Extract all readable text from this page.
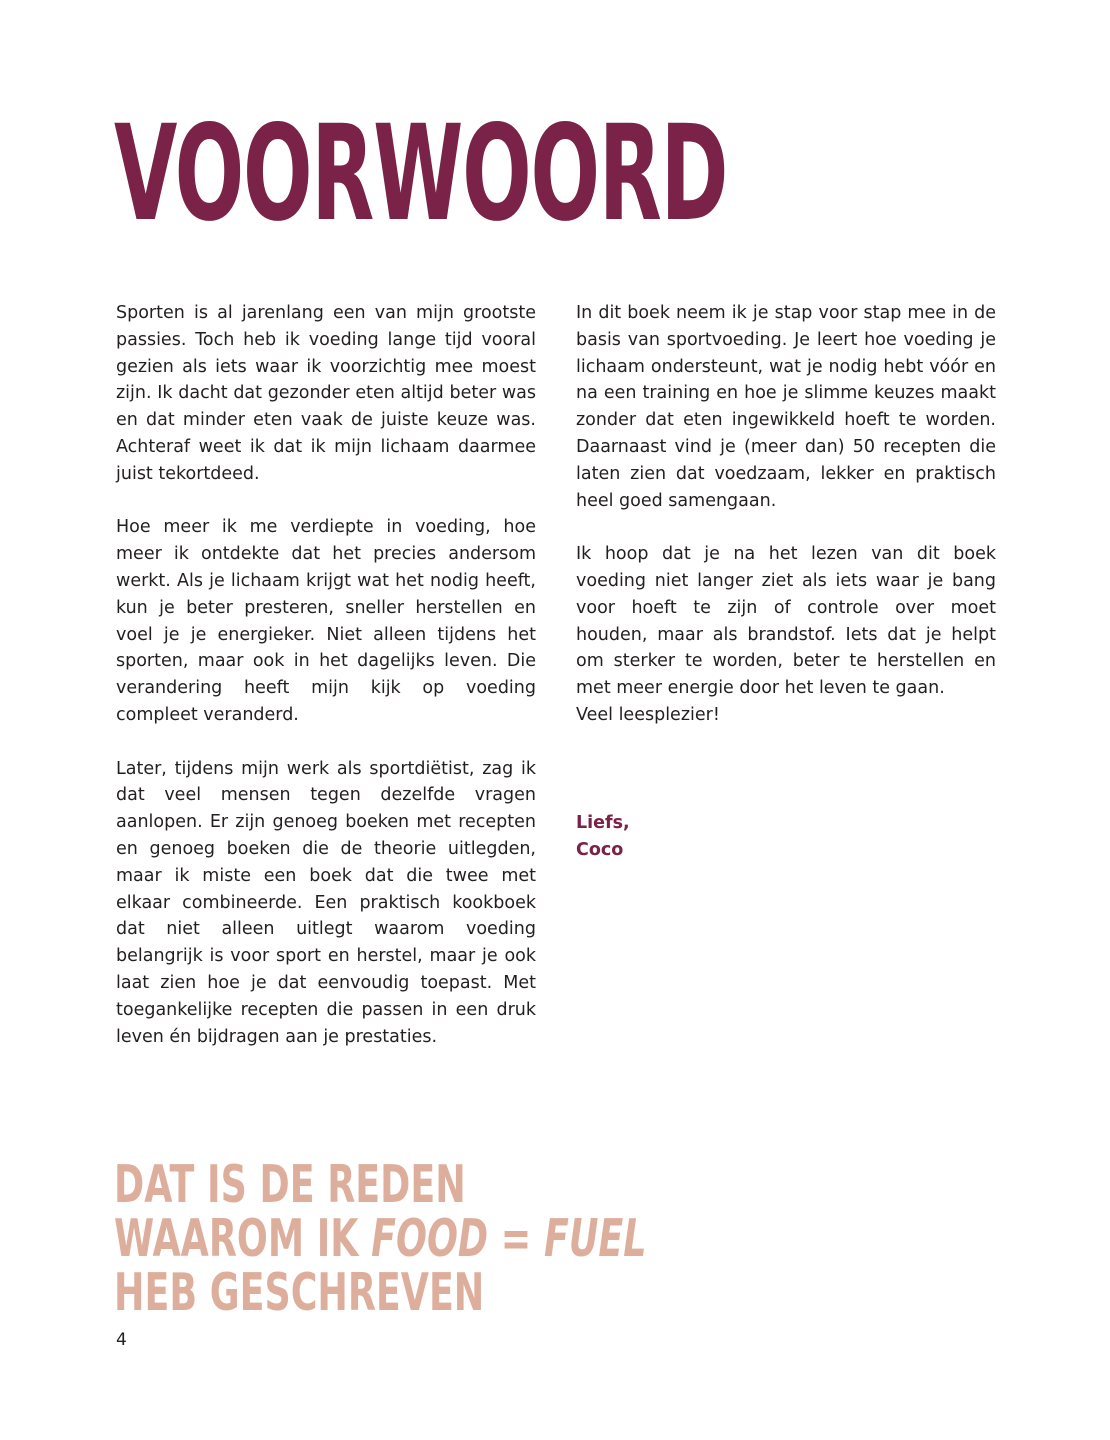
VOORWOORD

Sporten is al jarenlang een van mijn grootste passies. Toch heb ik voeding lange tijd vooral gezien als iets waar ik voorzichtig mee moest zijn. Ik dacht dat gezonder eten altijd beter was en dat minder eten vaak de juiste keuze was. Achteraf weet ik dat ik mijn lichaam daarmee juist tekortdeed.

Hoe meer ik me verdiepte in voeding, hoe meer ik ontdekte dat het precies andersom werkt. Als je lichaam krijgt wat het nodig heeft, kun je beter presteren, sneller herstellen en voel je je energieker. Niet alleen tijdens het sporten, maar ook in het dagelijks leven. Die verandering heeft mijn kijk op voeding compleet veranderd.

Later, tijdens mijn werk als sportdiëtist, zag ik dat veel mensen tegen dezelfde vragen aanlopen. Er zijn genoeg boeken met recepten en genoeg boeken die de theorie uitlegden, maar ik miste een boek dat die twee met elkaar combineerde. Een praktisch kookboek dat niet alleen uitlegt waarom voeding belangrijk is voor sport en herstel, maar je ook laat zien hoe je dat eenvoudig toepast. Met toegankelijke recepten die passen in een druk leven én bijdragen aan je prestaties.

In dit boek neem ik je stap voor stap mee in de basis van sportvoeding. Je leert hoe voeding je lichaam ondersteunt, wat je nodig hebt vóór en na een training en hoe je slimme keuzes maakt zonder dat eten ingewikkeld hoeft te worden. Daarnaast vind je (meer dan) 50 recepten die laten zien dat voedzaam, lekker en praktisch heel goed samengaan.

Ik hoop dat je na het lezen van dit boek voeding niet langer ziet als iets waar je bang voor hoeft te zijn of controle over moet houden, maar als brandstof. Iets dat je helpt om sterker te worden, beter te herstellen en met meer energie door het leven te gaan.

Veel leesplezier!

Liefs,
Coco
DAT IS DE REDEN
WAAROM IK FOOD = FUEL
HEB GESCHREVEN
4
